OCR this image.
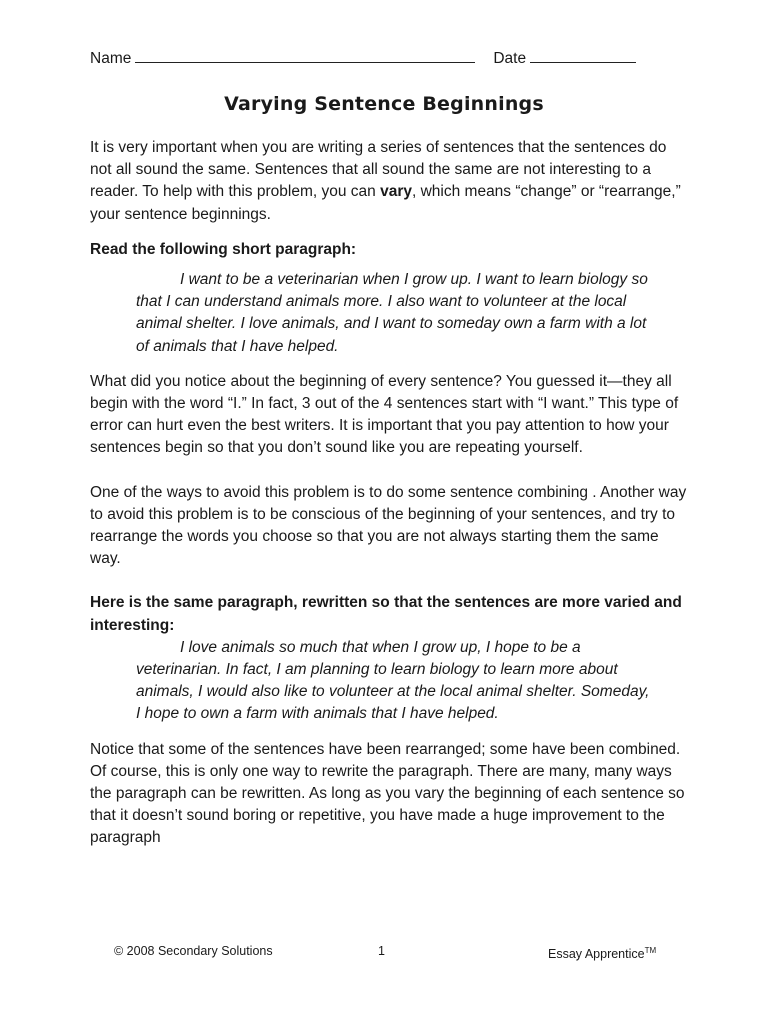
Name	Date
Varying Sentence Beginnings

It is very important when you are writing a series of sentences that the sentences do not all sound the same. Sentences that all sound the same are not interesting to a reader. To help with this problem, you can vary, which means “change” or “rearrange,” your sentence beginnings.

Read the following short paragraph:

I want to be a veterinarian when I grow up. I want to learn biology so that I can understand animals more. I also want to volunteer at the local animal shelter. I love animals, and I want to someday own a farm with a lot of animals that I have helped.

What did you notice about the beginning of every sentence? You guessed it—they all begin with the word “I.” In fact, 3 out of the 4 sentences start with “I want.” This type of error can hurt even the best writers. It is important that you pay attention to how your sentences begin so that you don’t sound like you are repeating yourself.

One of the ways to avoid this problem is to do some sentence combining . Another way to avoid this problem is to be conscious of the beginning of your sentences, and try to rearrange the words you choose so that you are not always starting them the same way.

Here is the same paragraph, rewritten so that the sentences are more varied and interesting:

I love animals so much that when I grow up, I hope to be a veterinarian. In fact, I am planning to learn biology to learn more about animals, I would also like to volunteer at the local animal shelter. Someday, I hope to own a farm with animals that I have helped.

Notice that some of the sentences have been rearranged; some have been combined. Of course, this is only one way to rewrite the paragraph. There are many, many ways the paragraph can be rewritten. As long as you vary the beginning of each sentence so that it doesn’t sound boring or repetitive, you have made a huge improvement to the paragraph

© 2008 Secondary Solutions	1	Essay Apprentice™
